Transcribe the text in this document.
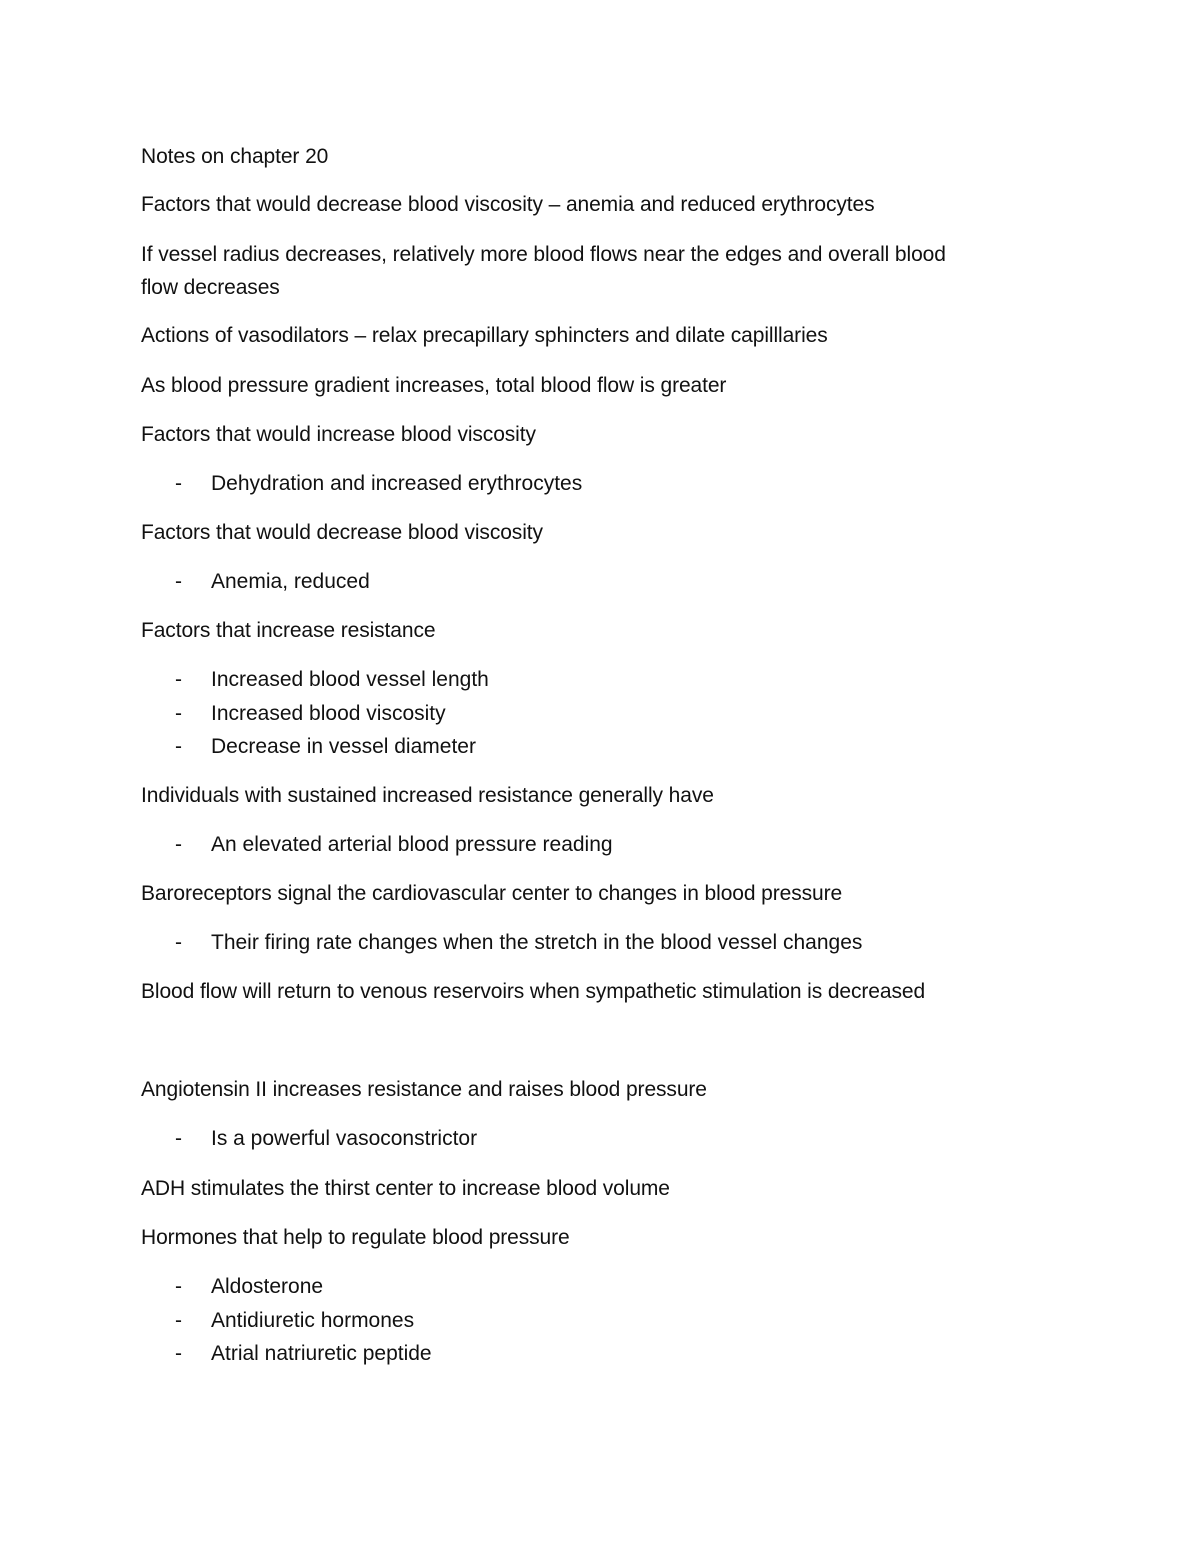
Notes on chapter 20
Factors that would decrease blood viscosity – anemia and reduced erythrocytes
If vessel radius decreases, relatively more blood flows near the edges and overall blood
flow decreases
Actions of vasodilators – relax precapillary sphincters and dilate capilllaries
As blood pressure gradient increases, total blood flow is greater
Factors that would increase blood viscosity
- Dehydration and increased erythrocytes
Factors that would decrease blood viscosity
- Anemia, reduced
Factors that increase resistance
- Increased blood vessel length
- Increased blood viscosity
- Decrease in vessel diameter
Individuals with sustained increased resistance generally have
- An elevated arterial blood pressure reading
Baroreceptors signal the cardiovascular center to changes in blood pressure
- Their firing rate changes when the stretch in the blood vessel changes
Blood flow will return to venous reservoirs when sympathetic stimulation is decreased
Angiotensin II increases resistance and raises blood pressure
- Is a powerful vasoconstrictor
ADH stimulates the thirst center to increase blood volume
Hormones that help to regulate blood pressure
- Aldosterone
- Antidiuretic hormones
- Atrial natriuretic peptide
